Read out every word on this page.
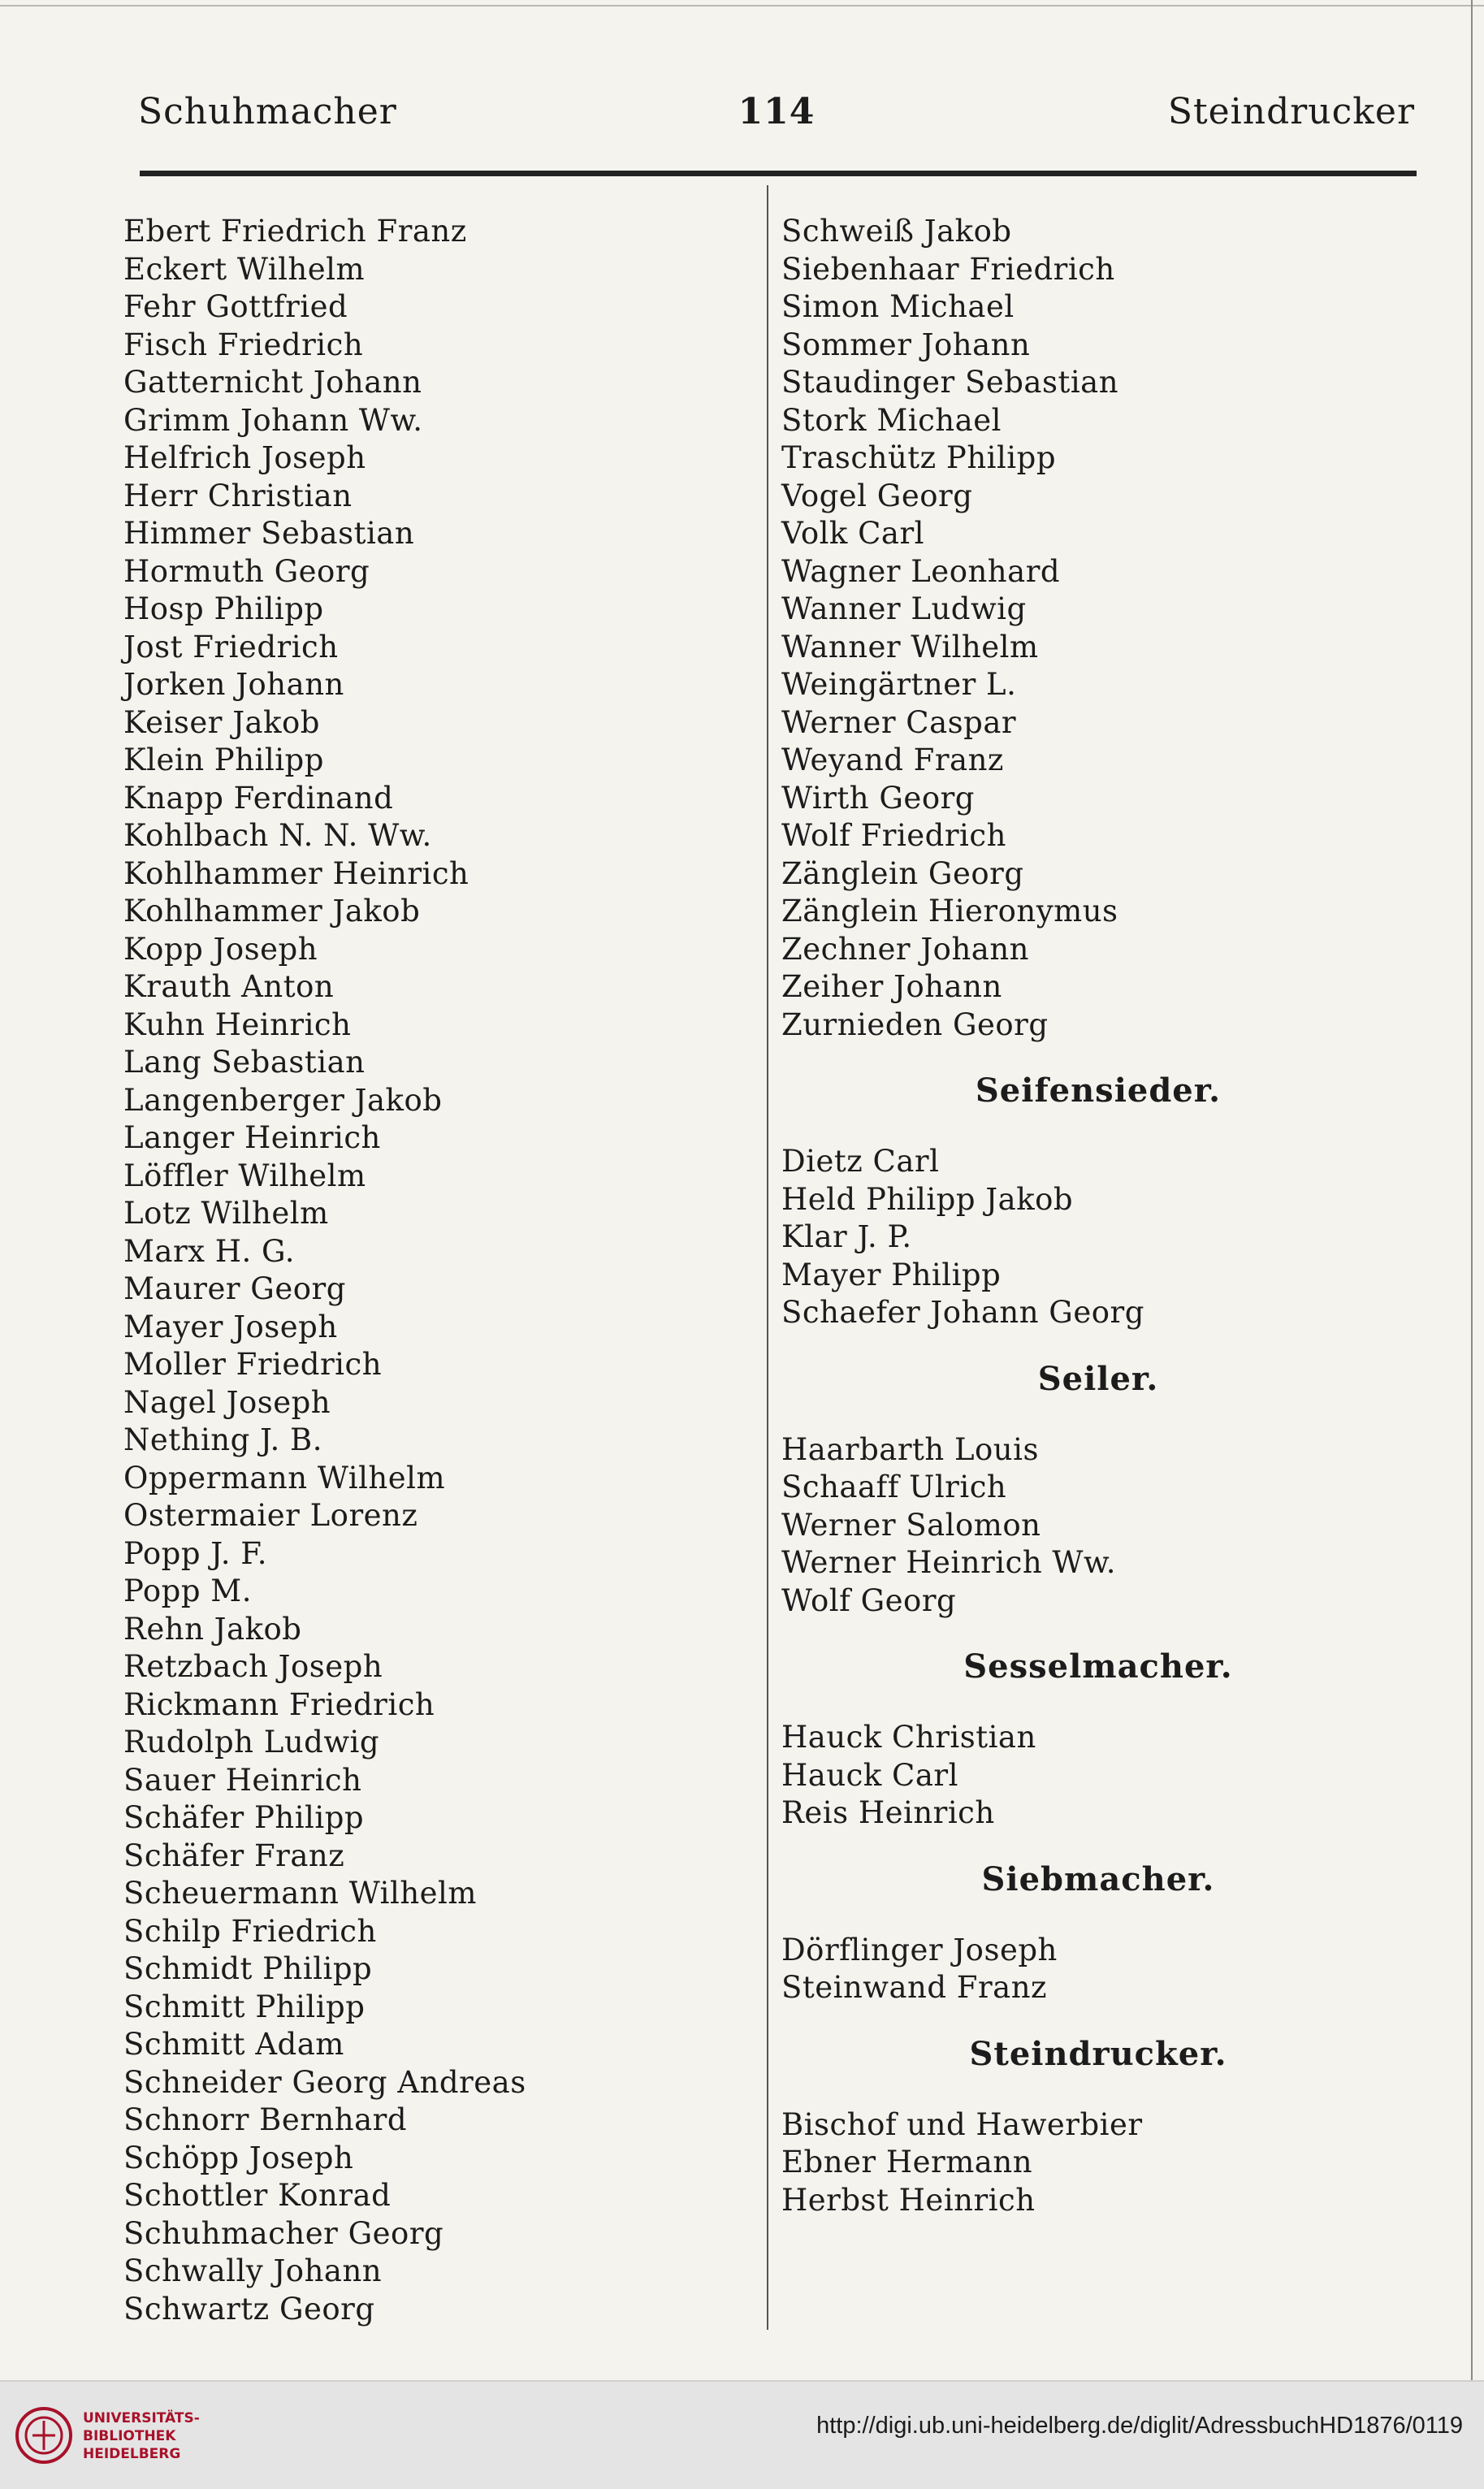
Schuhmacher	114	Steindrucker
Ebert Friedrich Franz
Eckert Wilhelm
Fehr Gottfried
Fisch Friedrich
Gatternicht Johann
Grimm Johann Ww.
Helfrich Joseph
Herr Christian
Himmer Sebastian
Hormuth Georg
Hosp Philipp
Jost Friedrich
Jorken Johann
Keiser Jakob
Klein Philipp
Knapp Ferdinand
Kohlbach N. N. Ww.
Kohlhammer Heinrich
Kohlhammer Jakob
Kopp Joseph
Krauth Anton
Kuhn Heinrich
Lang Sebastian
Langenberger Jakob
Langer Heinrich
Löffler Wilhelm
Lotz Wilhelm
Marx H. G.
Maurer Georg
Mayer Joseph
Moller Friedrich
Nagel Joseph
Nething J. B.
Oppermann Wilhelm
Ostermaier Lorenz
Popp J. F.
Popp M.
Rehn Jakob
Retzbach Joseph
Rickmann Friedrich
Rudolph Ludwig
Sauer Heinrich
Schäfer Philipp
Schäfer Franz
Scheuermann Wilhelm
Schilp Friedrich
Schmidt Philipp
Schmitt Philipp
Schmitt Adam
Schneider Georg Andreas
Schnorr Bernhard
Schöpp Joseph
Schottler Konrad
Schuhmacher Georg
Schwally Johann
Schwartz Georg
Schweiß Jakob
Siebenhaar Friedrich
Simon Michael
Sommer Johann
Staudinger Sebastian
Stork Michael
Traschütz Philipp
Vogel Georg
Volk Carl
Wagner Leonhard
Wanner Ludwig
Wanner Wilhelm
Weingärtner L.
Werner Caspar
Weyand Franz
Wirth Georg
Wolf Friedrich
Zänglein Georg
Zänglein Hieronymus
Zechner Johann
Zeiher Johann
Zurnieden Georg
Seifensieder.
Dietz Carl
Held Philipp Jakob
Klar J. P.
Mayer Philipp
Schaefer Johann Georg
Seiler.
Haarbarth Louis
Schaaff Ulrich
Werner Salomon
Werner Heinrich Ww.
Wolf Georg
Sesselmacher.
Hauck Christian
Hauck Carl
Reis Heinrich
Siebmacher.
Dörflinger Joseph
Steinwand Franz
Steindrucker.
Bischof und Hawerbier
Ebner Hermann
Herbst Heinrich
UNIVERSITÄTS-
BIBLIOTHEK
HEIDELBERG
http://digi.ub.uni-heidelberg.de/diglit/AdressbuchHD1876/0119
